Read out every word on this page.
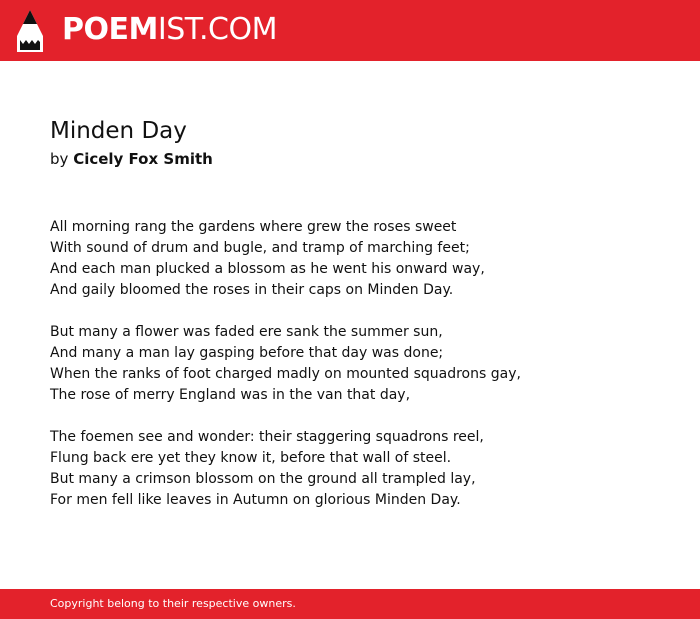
POEMIST.COM
Minden Day
by Cicely Fox Smith

All morning rang the gardens where grew the roses sweet
With sound of drum and bugle, and tramp of marching feet;
And each man plucked a blossom as he went his onward way,
And gaily bloomed the roses in their caps on Minden Day.

But many a flower was faded ere sank the summer sun,
And many a man lay gasping before that day was done;
When the ranks of foot charged madly on mounted squadrons gay,
The rose of merry England was in the van that day,

The foemen see and wonder: their staggering squadrons reel,
Flung back ere yet they know it, before that wall of steel.
But many a crimson blossom on the ground all trampled lay,
For men fell like leaves in Autumn on glorious Minden Day.

Copyright belong to their respective owners.
